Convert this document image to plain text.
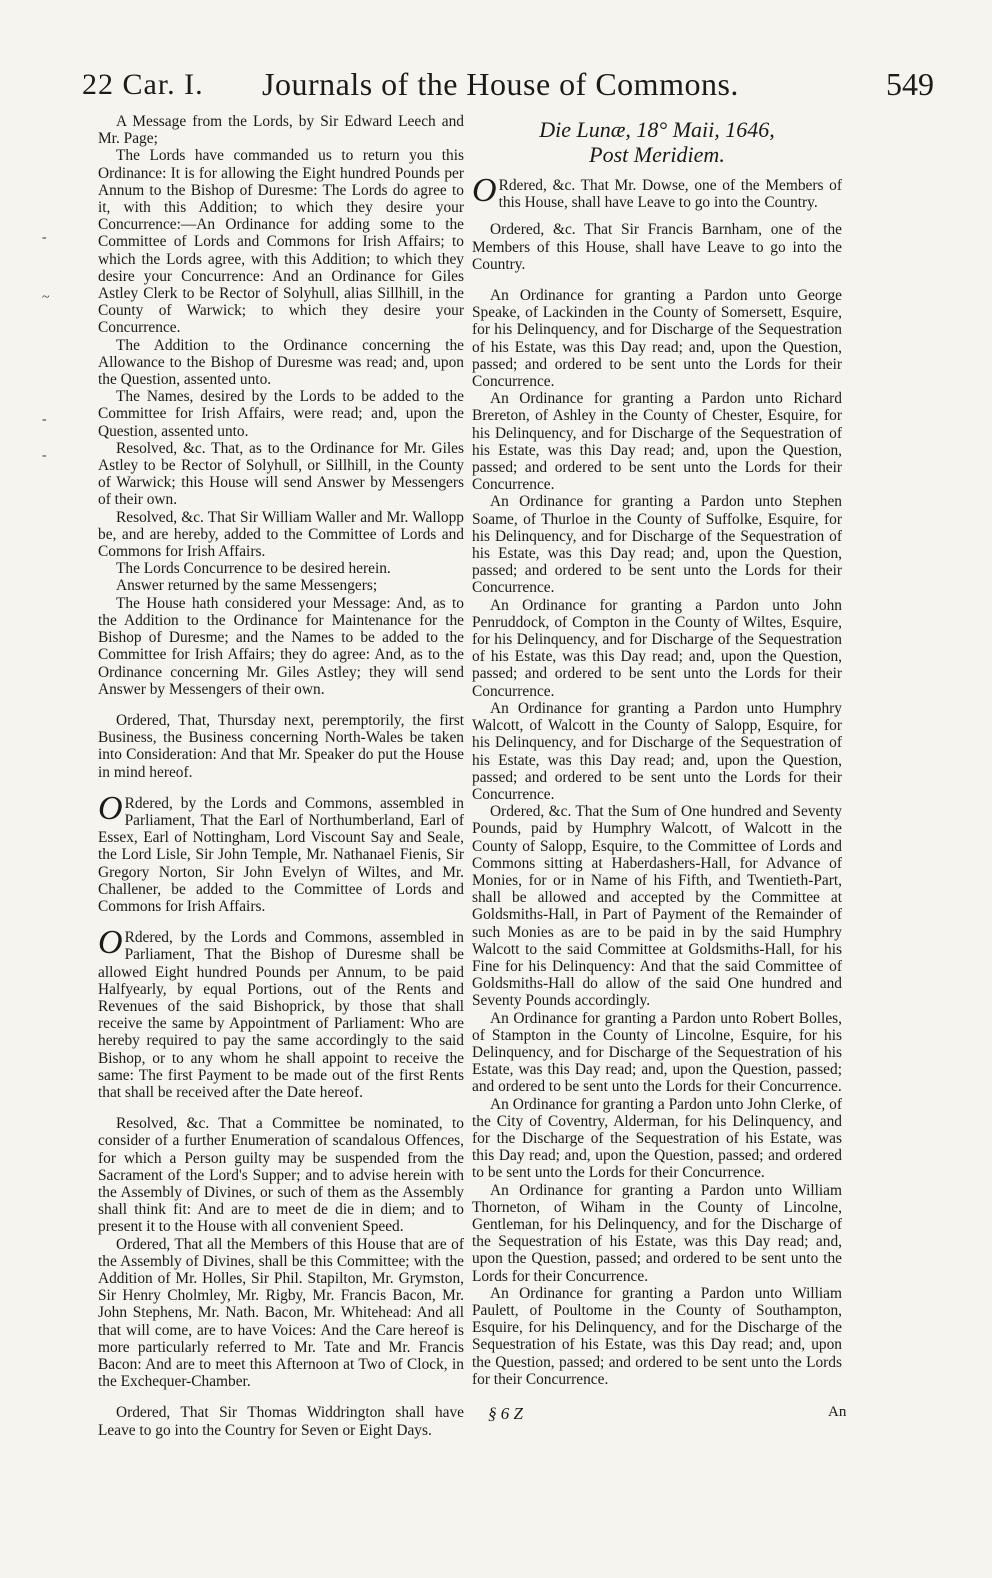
22 Car. I. Journals of the House of Commons.	549
-
~
-
-

A Message from the Lords, by Sir Edward Leech and Mr. Page;

The Lords have commanded us to return you this Ordinance: It is for allowing the Eight hundred Pounds per Annum to the Bishop of Duresme: The Lords do agree to it, with this Addition; to which they desire your Concurrence:—An Ordinance for adding some to the Committee of Lords and Commons for Irish Affairs; to which the Lords agree, with this Addition; to which they desire your Concurrence: And an Ordinance for Giles Astley Clerk to be Rector of Solyhull, alias Sillhill, in the County of Warwick; to which they desire your Concurrence.

The Addition to the Ordinance concerning the Allowance to the Bishop of Duresme was read; and, upon the Question, assented unto.

The Names, desired by the Lords to be added to the Committee for Irish Affairs, were read; and, upon the Question, assented unto.

Resolved, &c. That, as to the Ordinance for Mr. Giles Astley to be Rector of Solyhull, or Sillhill, in the County of Warwick; this House will send Answer by Messengers of their own.

Resolved, &c. That Sir William Waller and Mr. Wallopp be, and are hereby, added to the Committee of Lords and Commons for Irish Affairs.

The Lords Concurrence to be desired herein.

Answer returned by the same Messengers;

The House hath considered your Message: And, as to the Addition to the Ordinance for Maintenance for the Bishop of Duresme; and the Names to be added to the Committee for Irish Affairs; they do agree: And, as to the Ordinance concerning Mr. Giles Astley; they will send Answer by Messengers of their own.

Ordered, That, Thursday next, peremptorily, the first Business, the Business concerning North-Wales be taken into Consideration: And that Mr. Speaker do put the House in mind hereof.

ORdered, by the Lords and Commons, assembled in Parliament, That the Earl of Northumberland, Earl of Essex, Earl of Nottingham, Lord Viscount Say and Seale, the Lord Lisle, Sir John Temple, Mr. Nathanael Fienis, Sir Gregory Norton, Sir John Evelyn of Wiltes, and Mr. Challener, be added to the Committee of Lords and Commons for Irish Affairs.

ORdered, by the Lords and Commons, assembled in Parliament, That the Bishop of Duresme shall be allowed Eight hundred Pounds per Annum, to be paid Halfyearly, by equal Portions, out of the Rents and Revenues of the said Bishoprick, by those that shall receive the same by Appointment of Parliament: Who are hereby required to pay the same accordingly to the said Bishop, or to any whom he shall appoint to receive the same: The first Payment to be made out of the first Rents that shall be received after the Date hereof.

Resolved, &c. That a Committee be nominated, to consider of a further Enumeration of scandalous Offences, for which a Person guilty may be suspended from the Sacrament of the Lord's Supper; and to advise herein with the Assembly of Divines, or such of them as the Assembly shall think fit: And are to meet de die in diem; and to present it to the House with all convenient Speed.

Ordered, That all the Members of this House that are of the Assembly of Divines, shall be this Committee; with the Addition of Mr. Holles, Sir Phil. Stapilton, Mr. Grymston, Sir Henry Cholmley, Mr. Rigby, Mr. Francis Bacon, Mr. John Stephens, Mr. Nath. Bacon, Mr. Whitehead: And all that will come, are to have Voices: And the Care hereof is more particularly referred to Mr. Tate and Mr. Francis Bacon: And are to meet this Afternoon at Two of Clock, in the Exchequer-Chamber.

Ordered, That Sir Thomas Widdrington shall have Leave to go into the Country for Seven or Eight Days.

Die Lunæ, 18° Maii, 1646,
Post Meridiem.

ORdered, &c. That Mr. Dowse, one of the Members of this House, shall have Leave to go into the Country.

Ordered, &c. That Sir Francis Barnham, one of the Members of this House, shall have Leave to go into the Country.

An Ordinance for granting a Pardon unto George Speake, of Lackinden in the County of Somersett, Esquire, for his Delinquency, and for Discharge of the Sequestration of his Estate, was this Day read; and, upon the Question, passed; and ordered to be sent unto the Lords for their Concurrence.

An Ordinance for granting a Pardon unto Richard Brereton, of Ashley in the County of Chester, Esquire, for his Delinquency, and for Discharge of the Sequestration of his Estate, was this Day read; and, upon the Question, passed; and ordered to be sent unto the Lords for their Concurrence.

An Ordinance for granting a Pardon unto Stephen Soame, of Thurloe in the County of Suffolke, Esquire, for his Delinquency, and for Discharge of the Sequestration of his Estate, was this Day read; and, upon the Question, passed; and ordered to be sent unto the Lords for their Concurrence.

An Ordinance for granting a Pardon unto John Penruddock, of Compton in the County of Wiltes, Esquire, for his Delinquency, and for Discharge of the Sequestration of his Estate, was this Day read; and, upon the Question, passed; and ordered to be sent unto the Lords for their Concurrence.

An Ordinance for granting a Pardon unto Humphry Walcott, of Walcott in the County of Salopp, Esquire, for his Delinquency, and for Discharge of the Sequestration of his Estate, was this Day read; and, upon the Question, passed; and ordered to be sent unto the Lords for their Concurrence.

Ordered, &c. That the Sum of One hundred and Seventy Pounds, paid by Humphry Walcott, of Walcott in the County of Salopp, Esquire, to the Committee of Lords and Commons sitting at Haberdashers-Hall, for Advance of Monies, for or in Name of his Fifth, and Twentieth-Part, shall be allowed and accepted by the Committee at Goldsmiths-Hall, in Part of Payment of the Remainder of such Monies as are to be paid in by the said Humphry Walcott to the said Committee at Goldsmiths-Hall, for his Fine for his Delinquency: And that the said Committee of Goldsmiths-Hall do allow of the said One hundred and Seventy Pounds accordingly.

An Ordinance for granting a Pardon unto Robert Bolles, of Stampton in the County of Lincolne, Esquire, for his Delinquency, and for Discharge of the Sequestration of his Estate, was this Day read; and, upon the Question, passed; and ordered to be sent unto the Lords for their Concurrence.

An Ordinance for granting a Pardon unto John Clerke, of the City of Coventry, Alderman, for his Delinquency, and for the Discharge of the Sequestration of his Estate, was this Day read; and, upon the Question, passed; and ordered to be sent unto the Lords for their Concurrence.

An Ordinance for granting a Pardon unto William Thorneton, of Wiham in the County of Lincolne, Gentleman, for his Delinquency, and for the Discharge of the Sequestration of his Estate, was this Day read; and, upon the Question, passed; and ordered to be sent unto the Lords for their Concurrence.

An Ordinance for granting a Pardon unto William Paulett, of Poultome in the County of Southampton, Esquire, for his Delinquency, and for the Discharge of the Sequestration of his Estate, was this Day read; and, upon the Question, passed; and ordered to be sent unto the Lords for their Concurrence.

§ 6 Z	An
